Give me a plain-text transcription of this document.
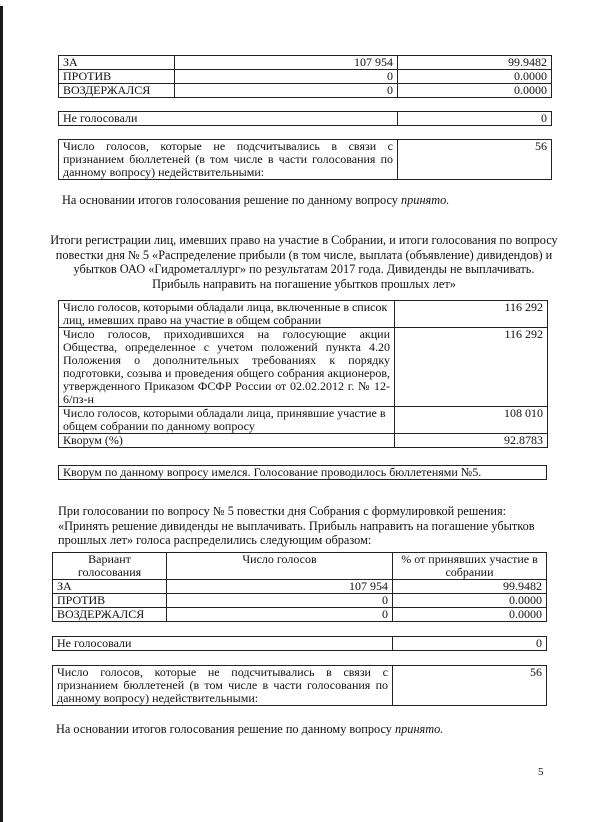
ЗА	107 954	99.9482
ПРОТИВ	0	0.0000
ВОЗДЕРЖАЛСЯ	0	0.0000
Не голосовали	0
Число голосов, которые не подсчитывались в связи с признанием бюллетеней (в том числе в части голосования по данному вопросу) недействительными:	56
На основании итогов голосования решение по данному вопросу принято.
Итоги регистрации лиц, имевших право на участие в Собрании, и итоги голосования по вопросу
повестки дня № 5 «Распределение прибыли (в том числе, выплата (объявление) дивидендов) и
убытков ОАО «Гидрометаллург» по результатам 2017 года. Дивиденды не выплачивать.
Прибыль направить на погашение убытков прошлых лет»
Число голосов, которыми обладали лица, включенные в список лиц, имевших право на участие в общем собрании	116 292
Число голосов, приходившихся на голосующие акции Общества, определенное с учетом положений пункта 4.20 Положения о дополнительных требованиях к порядку подготовки, созыва и проведения общего собрания акционеров, утвержденного Приказом ФСФР России от 02.02.2012 г. № 12-6/пз-н	116 292
Число голосов, которыми обладали лица, принявшие участие в общем собрании по данному вопросу	108 010
Кворум (%)	92.8783
Кворум по данному вопросу имелся. Голосование проводилось бюллетенями №5.
При голосовании по вопросу № 5 повестки дня Собрания с формулировкой решения: «Принять решение дивиденды не выплачивать. Прибыль направить на погашение убытков прошлых лет» голоса распределились следующим образом:
Вариант голосования	Число голосов	% от принявших участие в собрании
ЗА	107 954	99.9482
ПРОТИВ	0	0.0000
ВОЗДЕРЖАЛСЯ	0	0.0000
Не голосовали	0
Число голосов, которые не подсчитывались в связи с признанием бюллетеней (в том числе в части голосования по данному вопросу) недействительными:	56
На основании итогов голосования решение по данному вопросу принято.
5
